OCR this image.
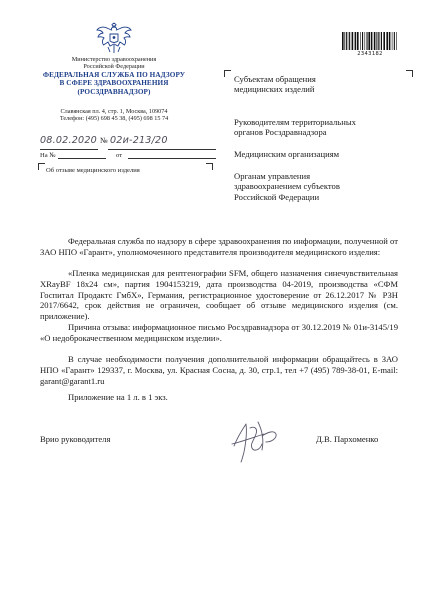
Министерство здравоохранения
Российской Федерации
ФЕДЕРАЛЬНАЯ СЛУЖБА ПО НАДЗОРУ
В СФЕРЕ ЗДРАВООХРАНЕНИЯ
(РОСЗДРАВНАДЗОР)
Славянская пл. 4, стр. 1, Москва, 109074
Телефон: (495) 698 45 38, (495) 698 15 74
08.02.2020 № 02и-213/20
На №	от
Об отзыве медицинского изделия
2343182
Субъектам обращения
медицинских изделий
Руководителям территориальных
органов Росздравнадзора
Медицинским организациям
Органам управления
здравоохранением субъектов
Российской Федерации
Федеральная служба по надзору в сфере здравоохранения по информации, полученной от ЗАО НПО «Гарант», уполномоченного представителя производителя медицинского изделия:
«Пленка медицинская для рентгенографии SFM, общего назначения синечувствительная XRayBF 18х24 см», партия 1904153219, дата производства 04-2019, производства «СФМ Госпитал Продактс ГмбХ», Германия, регистрационное удостоверение от 26.12.2017 № РЗН 2017/6642, срок действия не ограничен, сообщает об отзыве медицинского изделия (см. приложение).
Причина отзыва: информационное письмо Росздравнадзора от 30.12.2019 № 01и-3145/19 «О недоброкачественном медицинском изделии».
В случае необходимости получения дополнительной информации обращайтесь в ЗАО НПО «Гарант» 129337, г. Москва, ул. Красная Сосна, д. 30, стр.1, тел +7 (495) 789-38-01, E-mail: garant@garant1.ru
Приложение на 1 л. в 1 экз.
Врио руководителя	Д.В. Пархоменко
